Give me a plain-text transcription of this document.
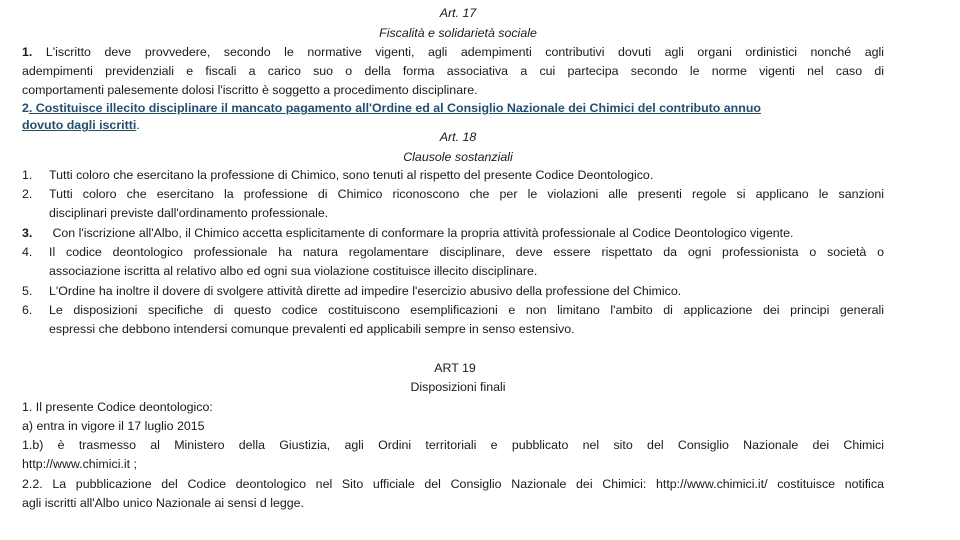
Art. 17
Fiscalità e solidarietà sociale
1. L'iscritto deve provvedere, secondo le normative vigenti, agli adempimenti contributivi dovuti agli organi ordinistici nonché agli
adempimenti previdenziali e fiscali a carico suo o della forma associativa a cui partecipa secondo le norme vigenti nel caso di
comportamenti palesemente dolosi l'iscritto è soggetto a procedimento disciplinare.
2. Costituisce illecito disciplinare il mancato pagamento all'Ordine ed al Consiglio Nazionale dei Chimici del contributo annuo
dovuto dagli iscritti.
Art. 18
Clausole sostanziali
1. Tutti coloro che esercitano la professione di Chimico, sono tenuti al rispetto del presente Codice Deontologico.
2. Tutti coloro che esercitano la professione di Chimico riconoscono che per le violazioni alle presenti regole si applicano le sanzioni
disciplinari previste dall'ordinamento professionale.
3. Con l'iscrizione all'Albo, il Chimico accetta esplicitamente di conformare la propria attività professionale al Codice Deontologico vigente.
4. Il codice deontologico professionale ha natura regolamentare disciplinare, deve essere rispettato da ogni professionista o società o
associazione iscritta al relativo albo ed ogni sua violazione costituisce illecito disciplinare.
5. L'Ordine ha inoltre il dovere di svolgere attività dirette ad impedire l'esercizio abusivo della professione del Chimico.
6. Le disposizioni specifiche di questo codice costituiscono esemplificazioni e non limitano l'ambito di applicazione dei principi generali
espressi che debbono intendersi comunque prevalenti ed applicabili sempre in senso estensivo.
ART 19
Disposizioni finali
1. Il presente Codice deontologico:
a) entra in vigore il 17 luglio 2015
1.b) è trasmesso al Ministero della Giustizia, agli Ordini territoriali e pubblicato nel sito del Consiglio Nazionale dei Chimici
http://www.chimici.it ;
2.2. La pubblicazione del Codice deontologico nel Sito ufficiale del Consiglio Nazionale dei Chimici: http://www.chimici.it/ costituisce notifica
agli iscritti all'Albo unico Nazionale ai sensi d legge.
